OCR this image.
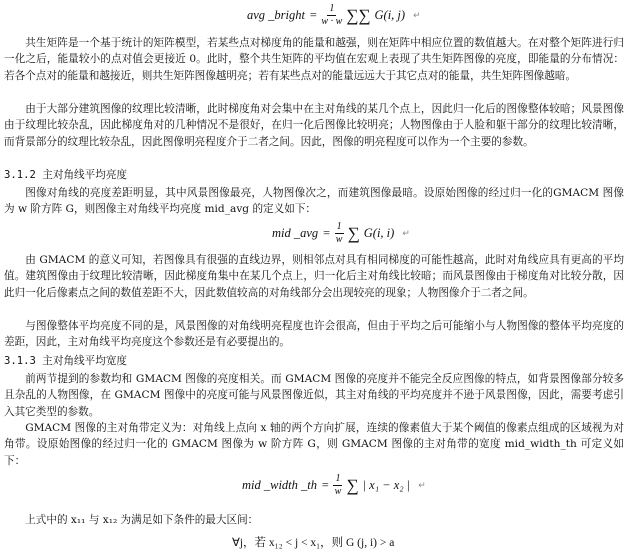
avg _bright = $\frac{1}{w \cdot w}$ ∑∑ G(i, j) ↵

共生矩阵是一个基于统计的矩阵模型，若某些点对梯度角的能量和越强，则在矩阵中相应位置的数值越大。在对整个矩阵进行归一化之后，能量较小的点对值会更接近 0。此时，整个共生矩阵的平均值在宏观上表现了共生矩阵图像的亮度，即能量的分布情况：若各个点对的能量和越接近，则共生矩阵图像越明亮；若有某些点对的能量远远大于其它点对的能量，共生矩阵图像越暗。

由于大部分建筑图像的纹理比较清晰，此时梯度角对会集中在主对角线的某几个点上，因此归一化后的图像整体较暗；风景图像由于纹理比较杂乱，因此梯度角对的几种情况不是很好，在归一化后图像比较明亮；人物图像由于人脸和躯干部分的纹理比较清晰，而背景部分的纹理比较杂乱，因此图像明亮程度介于二者之间。因此，图像的明亮程度可以作为一个主要的参数。

3.1.2 主对角线平均亮度

图像对角线的亮度差距明显，其中风景图像最亮，人物图像次之，而建筑图像最暗。设原始图像的经过归一化的GMACM 图像为 w 阶方阵 G，则图像主对角线平均亮度 mid_avg 的定义如下：

mid _avg = $\frac{1}{w}$ ∑ G(i, i) ↵

由 GMACM 的意义可知，若图像具有很强的直线边界，则相邻点对具有相同梯度的可能性越高，此时对角线应具有更高的平均值。建筑图像由于纹理比较清晰，因此梯度角集中在某几个点上，归一化后主对角线比较暗；而风景图像由于梯度角对比较分散，因此归一化后像素点之间的数值差距不大，因此数值较高的对角线部分会出现较亮的现象；人物图像介于二者之间。

与图像整体平均亮度不同的是，风景图像的对角线明亮程度也许会很高，但由于平均之后可能缩小与人物图像的整体平均亮度的差距，因此，主对角线平均亮度这个参数还是有必要提出的。

3.1.3 主对角线平均宽度

前两节提到的参数均和 GMACM 图像的亮度相关。而 GMACM 图像的亮度并不能完全反应图像的特点，如背景图像部分较多且杂乱的人物图像，在 GMACM 图像中的亮度可能与风景图像近似，其主对角线的平均亮度并不逊于风景图像，因此，需要考虑引入其它类型的参数。

GMACM 图像的主对角带定义为：对角线上点向 x 轴的两个方向扩展，连续的像素值大于某个阈值的像素点组成的区域视为对角带。设原始图像的经过归一化的 GMACM 图像为 w 阶方阵 G，则 GMACM 图像的主对角带的宽度 mid_width_th 可定义如下：

mid _width _th = $\frac{1}{w}$ ∑ | x₁ − x₂ | ↵

上式中的 x₁₁ 与 x₁₂ 为满足如下条件的最大区间：

∀j，若 x₁₂ < j < x₁，则 G (j, i) > a
